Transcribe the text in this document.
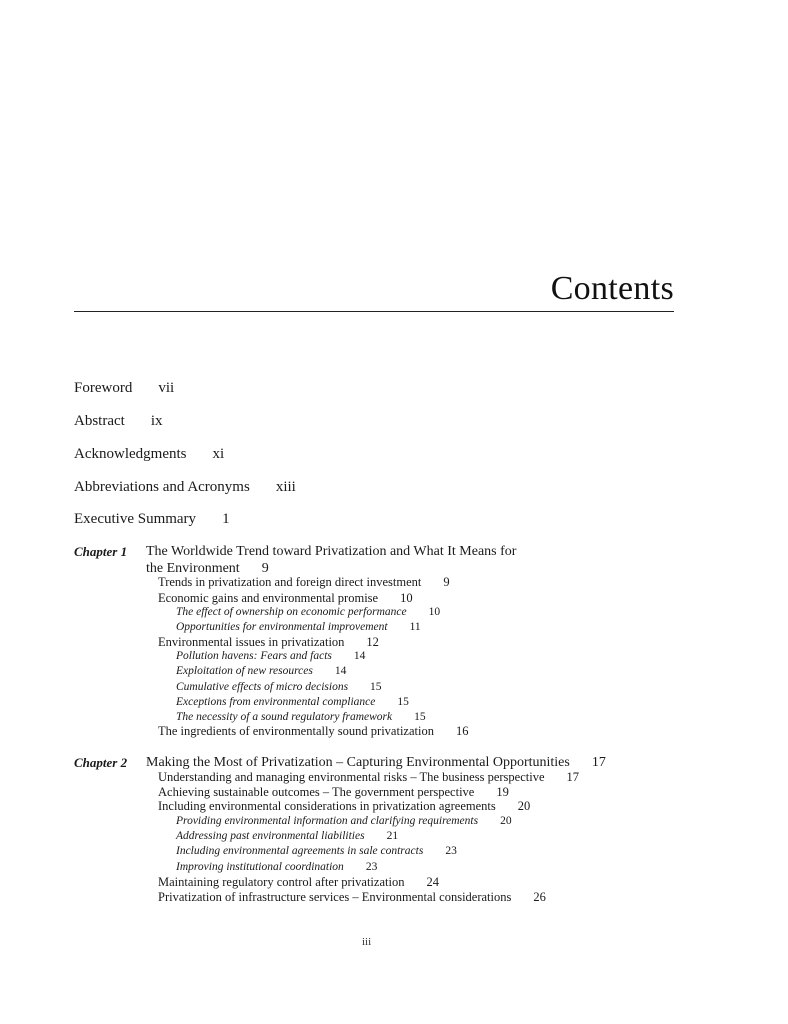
Contents
Foreword vii
Abstract ix
Acknowledgments xi
Abbreviations and Acronyms xiii
Executive Summary 1
Chapter 1 The Worldwide Trend toward Privatization and What It Means for
the Environment 9
Trends in privatization and foreign direct investment 9
Economic gains and environmental promise 10
The effect of ownership on economic performance 10
Opportunities for environmental improvement 11
Environmental issues in privatization 12
Pollution havens: Fears and facts 14
Exploitation of new resources 14
Cumulative effects of micro decisions 15
Exceptions from environmental compliance 15
The necessity of a sound regulatory framework 15
The ingredients of environmentally sound privatization 16
Chapter 2 Making the Most of Privatization – Capturing Environmental Opportunities 17
Understanding and managing environmental risks – The business perspective 17
Achieving sustainable outcomes – The government perspective 19
Including environmental considerations in privatization agreements 20
Providing environmental information and clarifying requirements 20
Addressing past environmental liabilities 21
Including environmental agreements in sale contracts 23
Improving institutional coordination 23
Maintaining regulatory control after privatization 24
Privatization of infrastructure services – Environmental considerations 26
iii
